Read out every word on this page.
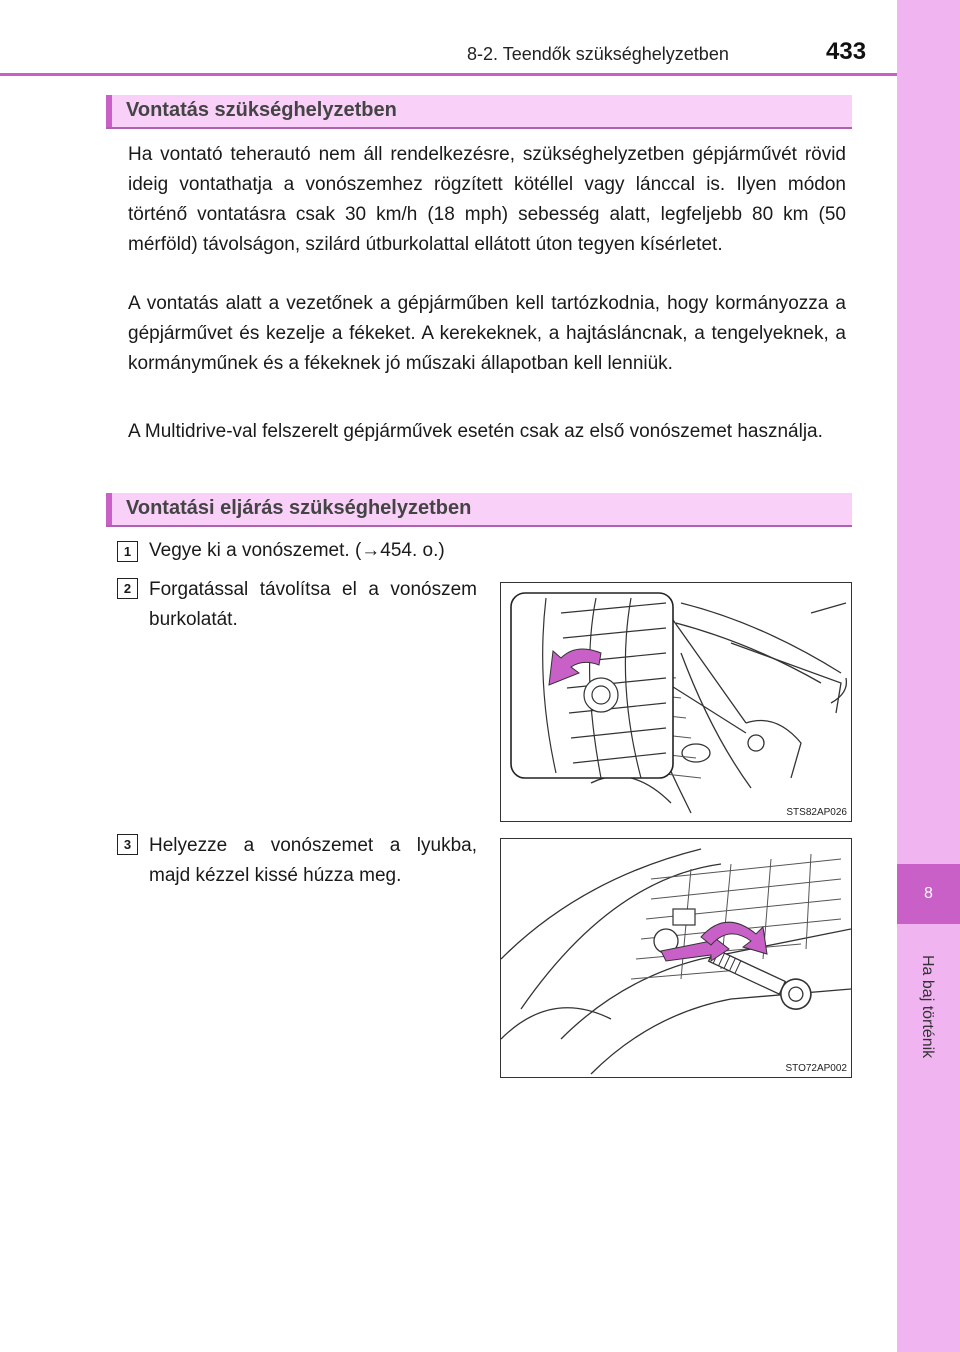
8
Ha baj történik
8-2. Teendők szükséghelyzetben	433
Vontatás szükséghelyzetben

Ha vontató teherautó nem áll rendelkezésre, szükséghelyzetben gépjárművét rövid ideig vontathatja a vonószemhez rögzített kötéllel vagy lánccal is. Ilyen módon történő vontatásra csak 30 km/h (18 mph) sebesség alatt, legfeljebb 80 km (50 mérföld) távolságon, szilárd útburkolattal ellátott úton tegyen kísérletet.

A vontatás alatt a vezetőnek a gépjárműben kell tartózkodnia, hogy kormányozza a gépjárművet és kezelje a fékeket. A kerekeknek, a hajtásláncnak, a tengelyeknek, a kormányműnek és a fékeknek jó műszaki állapotban kell lenniük.

A Multidrive-val felszerelt gépjárművek esetén csak az első vonószemet használja.

Vontatási eljárás szükséghelyzetben
1 Vegye ki a vonószemet. (→454. o.)

2 Forgatással távolítsa el a vonószem burkolatát.

STS82AP026
3 Helyezze a vonószemet a lyukba, majd kézzel kissé húzza meg.

STO72AP002
